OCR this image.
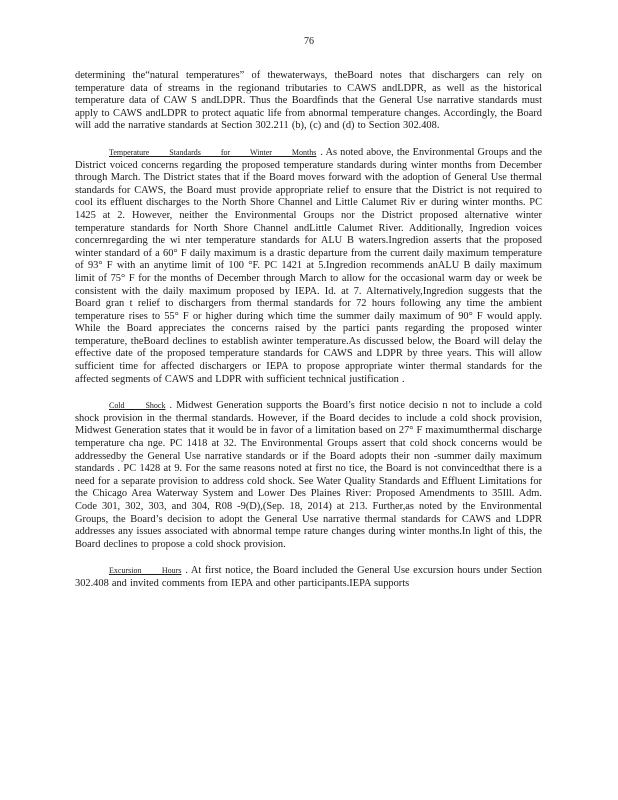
76

determining the“natural temperatures” of thewaterways, theBoard notes that dischargers can rely on temperature data of streams in the regionand tributaries to CAWS andLDPR, as well as the historical temperature data of CAW S andLDPR. Thus the Boardfinds that the General Use narrative standards must apply to CAWS andLDPR to protect aquatic life from abnormal temperature changes. Accordingly, the Board will add the narrative standards at Section 302.211 (b), (c) and (d) to Section 302.408.

Temperature Standards for Winter Months . As noted above, the Environmental Groups and the District voiced concerns regarding the proposed temperature standards during winter months from December through March. The District states that if the Board moves forward with the adoption of General Use thermal standards for CAWS, the Board must provide appropriate relief to ensure that the District is not required to cool its effluent discharges to the North Shore Channel and Little Calumet Riv er during winter months. PC 1425 at 2. However, neither the Environmental Groups nor the District proposed alternative winter temperature standards for North Shore Channel andLittle Calumet River. Additionally, Ingredion voices concernregarding the wi nter temperature standards for ALU B waters.Ingredion asserts that the proposed winter standard of a 60° F daily maximum is a drastic departure from the current daily maximum temperature of 93° F with an anytime limit of 100 °F. PC 1421 at 5.Ingredion recommends anALU B daily maximum limit of 75° F for the months of December through March to allow for the occasional warm day or week be consistent with the daily maximum proposed by IEPA. Id. at 7. Alternatively,Ingredion suggests that the Board gran t relief to dischargers from thermal standards for 72 hours following any time the ambient temperature rises to 55° F or higher during which time the summer daily maximum of 90° F would apply. While the Board appreciates the concerns raised by the partici pants regarding the proposed winter temperature, theBoard declines to establish awinter temperature.As discussed below, the Board will delay the effective date of the proposed temperature standards for CAWS and LDPR by three years. This will allow sufficient time for affected dischargers or IEPA to propose appropriate winter thermal standards for the affected segments of CAWS and LDPR with sufficient technical justification .

Cold Shock . Midwest Generation supports the Board’s first notice decisio n not to include a cold shock provision in the thermal standards. However, if the Board decides to include a cold shock provision, Midwest Generation states that it would be in favor of a limitation based on 27° F maximumthermal discharge temperature cha nge. PC 1418 at 32. The Environmental Groups assert that cold shock concerns would be addressedby the General Use narrative standards or if the Board adopts their non -summer daily maximum standards . PC 1428 at 9. For the same reasons noted at first no tice, the Board is not convincedthat there is a need for a separate provision to address cold shock. See Water Quality Standards and Effluent Limitations for the Chicago Area Waterway System and Lower Des Plaines River: Proposed Amendments to 35Ill. Adm. Code 301, 302, 303, and 304, R08 -9(D),(Sep. 18, 2014) at 213. Further,as noted by the Environmental Groups, the Board’s decision to adopt the General Use narrative thermal standards for CAWS and LDPR addresses any issues associated with abnormal tempe rature changes during winter months.In light of this, the Board declines to propose a cold shock provision.

Excursion Hours . At first notice, the Board included the General Use excursion hours under Section 302.408 and invited comments from IEPA and other participants.IEPA supports
